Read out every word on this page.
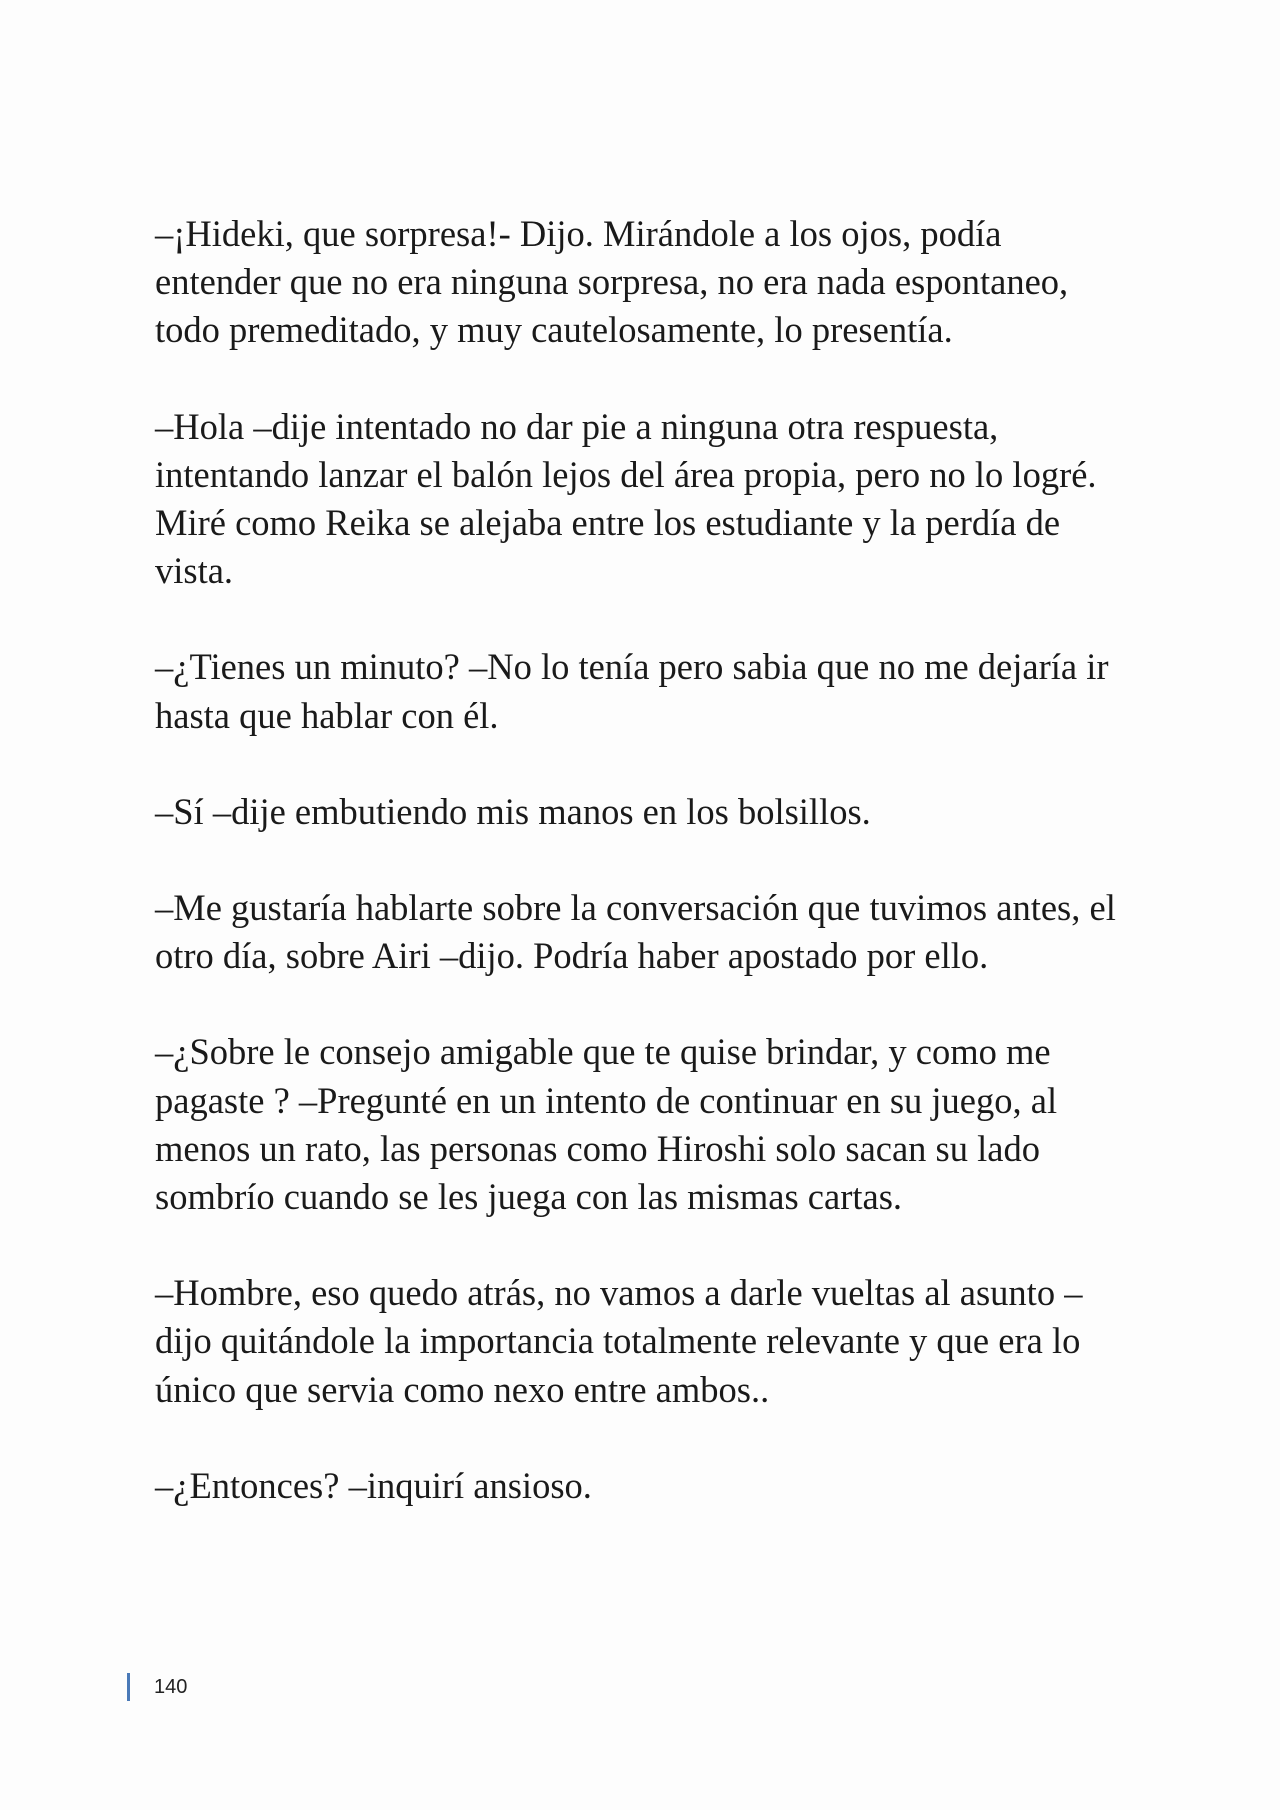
–¡Hideki, que sorpresa!- Dijo. Mirándole a los ojos, podía entender que no era ninguna sorpresa, no era nada espontaneo, todo premeditado, y muy cautelosamente, lo presentía.

–Hola –dije intentado no dar pie a ninguna otra respuesta, intentando lanzar el balón lejos del área propia, pero no lo logré. Miré como Reika se alejaba entre los estudiante y la perdía de vista.

–¿Tienes un minuto? –No lo tenía pero sabia que no me dejaría ir hasta que hablar con él.

–Sí –dije embutiendo mis manos en los bolsillos.

–Me gustaría hablarte sobre la conversación que tuvimos antes, el otro día, sobre Airi –dijo. Podría haber apostado por ello.

–¿Sobre le consejo amigable que te quise brindar, y como me pagaste ? –Pregunté en un intento de continuar en su juego, al menos un rato, las personas como Hiroshi solo sacan su lado sombrío cuando se les juega con las mismas cartas.

–Hombre, eso quedo atrás, no vamos a darle vueltas al asunto –dijo quitándole la importancia totalmente relevante y que era lo único que servia como nexo entre ambos..

–¿Entonces? –inquirí ansioso.

140
